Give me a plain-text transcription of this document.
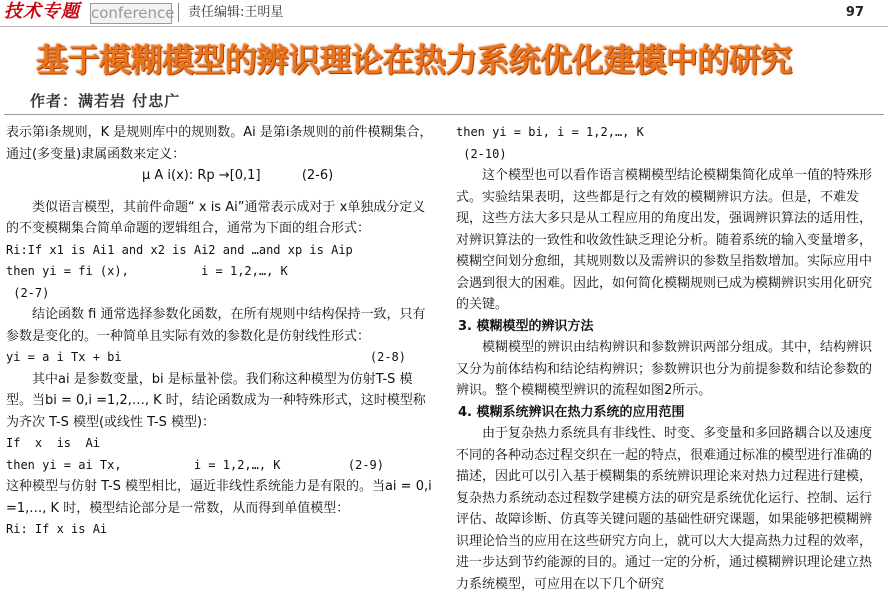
技术专题 conference 责任编辑:王明星	97
基于模糊模型的辨识理论在热力系统优化建模中的研究
作者：满若岩 付忠广

表示第i条规则，K 是规则库中的规则数。Ai 是第i条规则的前件模糊集合，通过(多变量)隶属函数来定义：

μ A i(x): Rp →[0,1]          (2-6)

类似语言模型，其前件命题“ x is Ai”通常表示成对于 x单独成分定义的不变模糊集合简单命题的逻辑组合，通常为下面的组合形式：

Ri:If x1 is Ai1 and x2 is Ai2 and …and xp is Aip

then yi = fi (x),          i = 1,2,…, K

(2-7)

结论函数 fi 通常选择参数化函数，在所有规则中结构保持一致，只有参数是变化的。一种简单且实际有效的参数化是仿射线性形式：

yi = a i Tx + bi	(2-8)

其中ai 是参数变量，bi 是标量补偿。我们称这种模型为仿射T-S 模型。当bi = 0,i =1,2,…, K 时，结论函数成为一种特殊形式，这时模型称为齐次 T-S 模型(或线性 T-S 模型)：

If  x  is  Ai

then yi = ai Tx,          i = 1,2,…, K	(2-9)

这种模型与仿射 T-S 模型相比，逼近非线性系统能力是有限的。当ai = 0,i =1,…, K 时，模型结论部分是一常数，从而得到单值模型：

Ri: If x is Ai

then yi = bi, i = 1,2,…, K

(2-10)

这个模型也可以看作语言模糊模型结论模糊集简化成单一值的特殊形式。实验结果表明，这些都是行之有效的模糊辨识方法。但是，不难发现，这些方法大多只是从工程应用的角度出发，强调辨识算法的适用性，对辨识算法的一致性和收敛性缺乏理论分析。随着系统的输入变量增多，模糊空间划分愈细，其规则数以及需辨识的参数呈指数增加。实际应用中会遇到很大的困难。因此，如何简化模糊规则已成为模糊辨识实用化研究的关键。

3. 模糊模型的辨识方法

模糊模型的辨识由结构辨识和参数辨识两部分组成。其中，结构辨识又分为前体结构和结论结构辨识；参数辨识也分为前提参数和结论参数的辨识。整个模糊模型辨识的流程如图2所示。

4. 模糊系统辨识在热力系统的应用范围

由于复杂热力系统具有非线性、时变、多变量和多回路耦合以及速度不同的各种动态过程交织在一起的特点，很难通过标准的模型进行准确的描述，因此可以引入基于模糊集的系统辨识理论来对热力过程进行建模，复杂热力系统动态过程数学建模方法的研究是系统优化运行、控制、运行评估、故障诊断、仿真等关键问题的基础性研究课题，如果能够把模糊辨识理论恰当的应用在这些研究方向上，就可以大大提高热力过程的效率，进一步达到节约能源的目的。通过一定的分析，通过模糊辨识理论建立热力系统模型，可应用在以下几个研究
